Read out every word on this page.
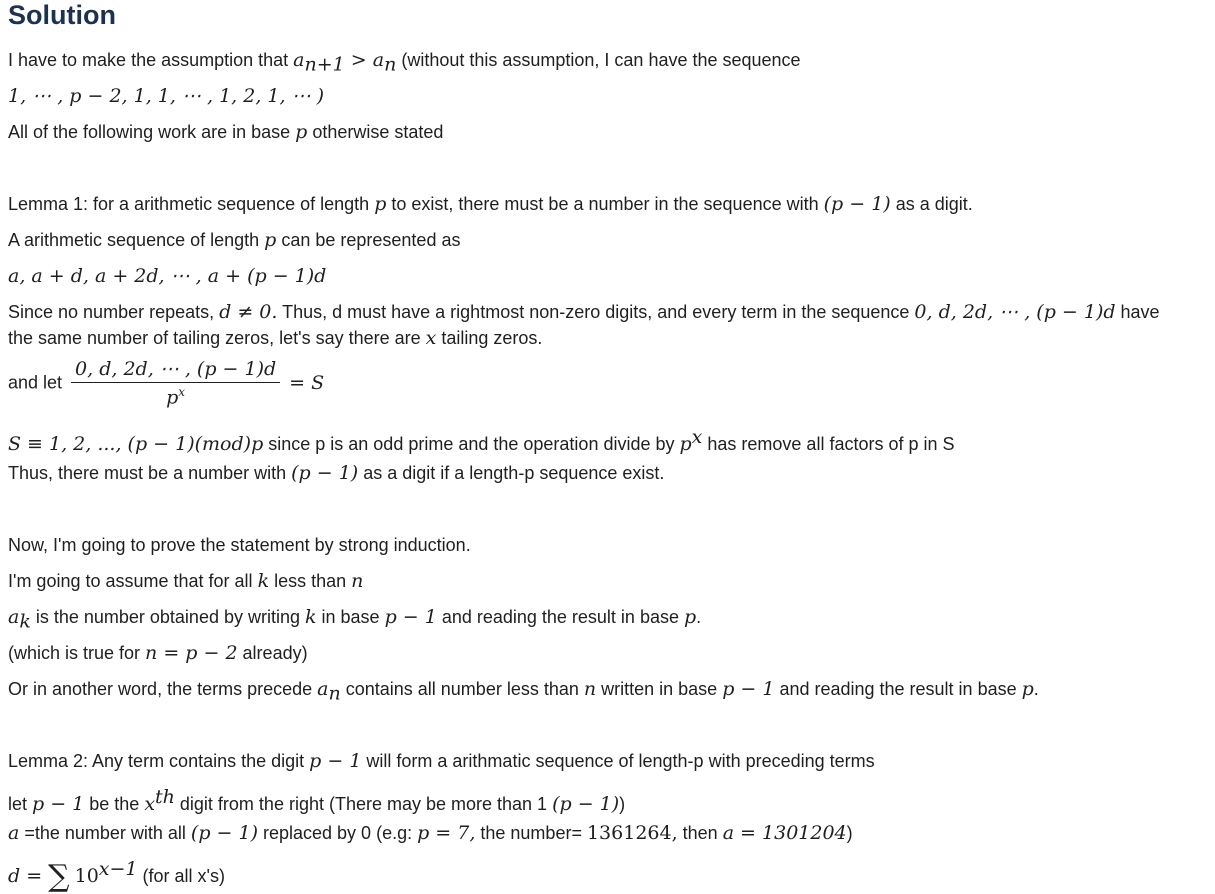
Solution
I have to make the assumption that $a_{n+1} > a_n$ (without this assumption, I can have the sequence
1, ⋯ , p − 2, 1, 1, ⋯ , 1, 2, 1, ⋯ )
All of the following work are in base p otherwise stated
Lemma 1: for a arithmetic sequence of length p to exist, there must be a number in the sequence with (p − 1) as a digit.
A arithmetic sequence of length p can be represented as
a, a + d, a + 2d, ⋯ , a + (p − 1)d
Since no number repeats, d ≠ 0. Thus, d must have a rightmost non-zero digits, and every term in the sequence 0, d, 2d, ⋯ , (p − 1)d have
the same number of tailing zeros, let's say there are x tailing zeros.
and let $\frac{0, d, 2d, \cdots , (p - 1)d}{p^x} = S$
S ≡ 1, 2, ..., (p − 1)(mod)p since p is an odd prime and the operation divide by $p^x$ has remove all factors of p in S
Thus, there must be a number with (p − 1) as a digit if a length-p sequence exist.
Now, I'm going to prove the statement by strong induction.
I'm going to assume that for all k less than n
$a_k$ is the number obtained by writing k in base p − 1 and reading the result in base p.
(which is true for n = p − 2 already)
Or in another word, the terms precede $a_n$ contains all number less than n written in base p − 1 and reading the result in base p.
Lemma 2: Any term contains the digit p − 1 will form a arithmatic sequence of length-p with preceding terms
let p − 1 be the $x^{th}$ digit from the right (There may be more than 1 (p − 1))
a =the number with all (p − 1) replaced by 0 (e.g: p = 7, the number= 1361264, then a = 1301204)
d = ∑ $10^{x-1}$ (for all x's)
